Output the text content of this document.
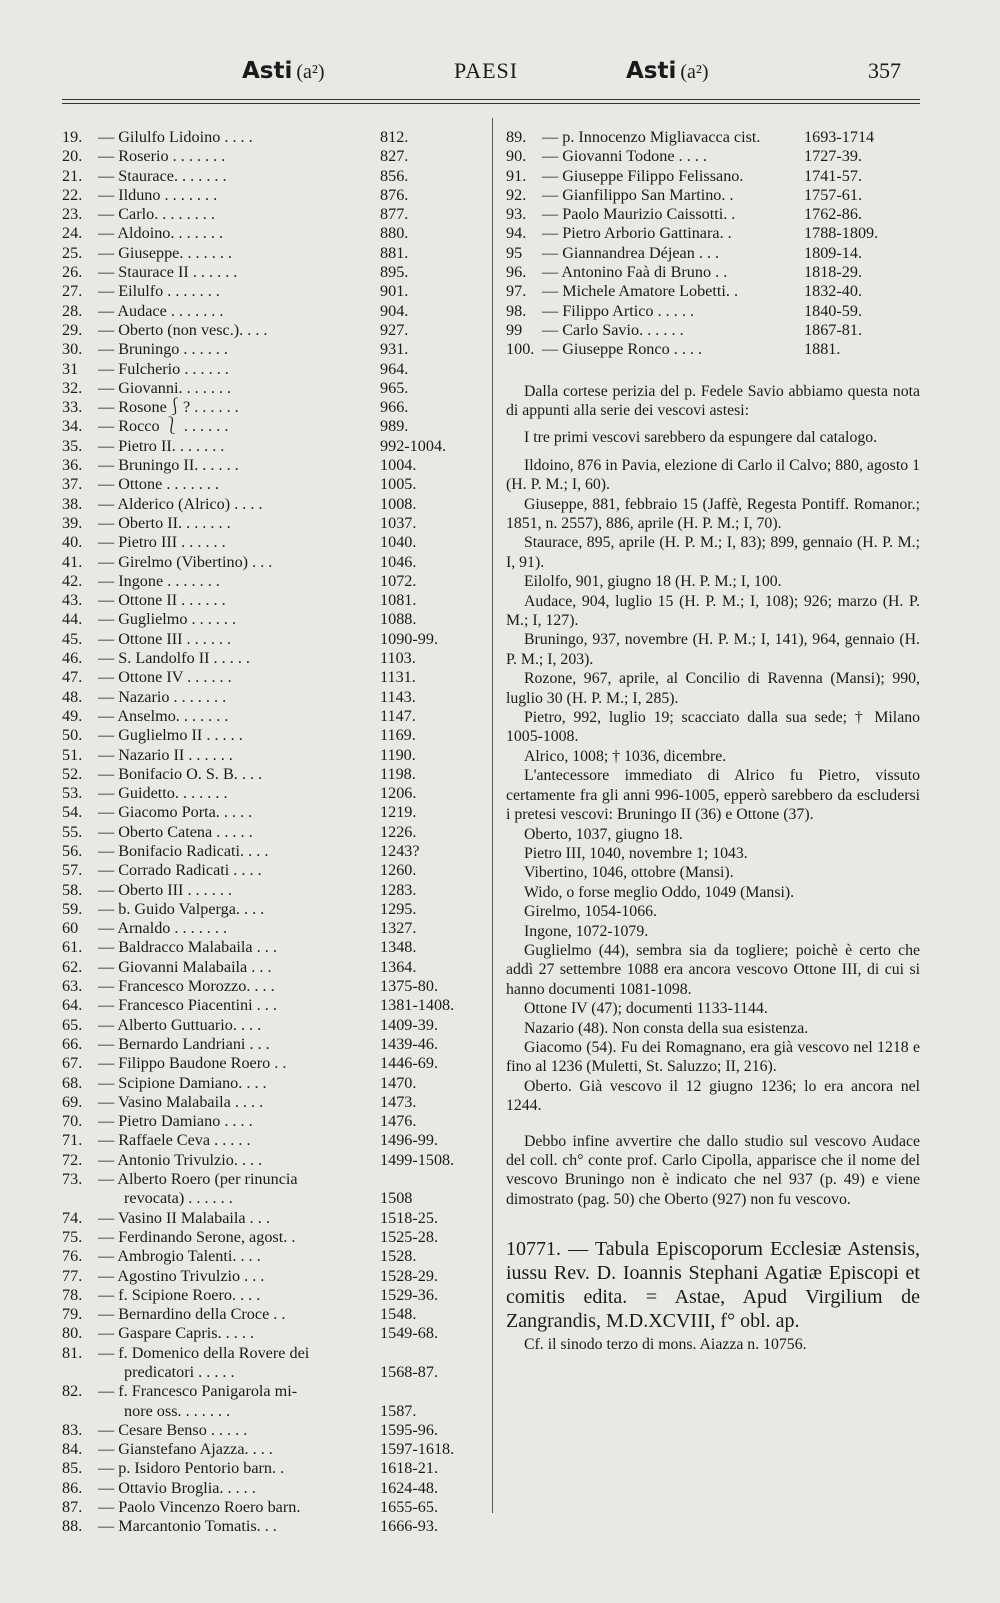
Asti (a²)	PAESI	Asti (a²)	357
19. — Gilulfo Lidoino . . . .	812.
20. — Roserio . . . . . . .	827.
21. — Staurace. . . . . . .	856.
22. — Ilduno . . . . . . .	876.
23. — Carlo. . . . . . . .	877.
24. — Aldoino. . . . . . .	880.
25. — Giuseppe. . . . . . .	881.
26. — Staurace II . . . . . .	895.
27. — Eilulfo . . . . . . .	901.
28. — Audace . . . . . . .	904.
29. — Oberto (non vesc.). . . .	927.
30. — Bruningo . . . . . .	931.
31 — Fulcherio . . . . . .	964.
32. — Giovanni. . . . . . .	965.
33. — Rosone⎰? . . . . . .	966.
34. — Rocco ⎱ . . . . . .	989.
35. — Pietro II. . . . . . .	992-1004.
36. — Bruningo II. . . . . .	1004.
37. — Ottone . . . . . . .	1005.
38. — Alderico (Alrico) . . . .	1008.
39. — Oberto II. . . . . . .	1037.
40. — Pietro III . . . . . .	1040.
41. — Girelmo (Vibertino) . . .	1046.
42. — Ingone . . . . . . .	1072.
43. — Ottone II . . . . . .	1081.
44. — Guglielmo . . . . . .	1088.
45. — Ottone III . . . . . .	1090-99.
46. — S. Landolfo II . . . . .	1103.
47. — Ottone IV . . . . . .	1131.
48. — Nazario . . . . . . .	1143.
49. — Anselmo. . . . . . .	1147.
50. — Guglielmo II . . . . .	1169.
51. — Nazario II . . . . . .	1190.
52. — Bonifacio O. S. B. . . .	1198.
53. — Guidetto. . . . . . .	1206.
54. — Giacomo Porta. . . . .	1219.
55. — Oberto Catena . . . . .	1226.
56. — Bonifacio Radicati. . . .	1243?
57. — Corrado Radicati . . . .	1260.
58. — Oberto III . . . . . .	1283.
59. — b. Guido Valperga. . . .	1295.
60 — Arnaldo . . . . . . .	1327.
61. — Baldracco Malabaila . . .	1348.
62. — Giovanni Malabaila . . .	1364.
63. — Francesco Morozzo. . . .	1375-80.
64. — Francesco Piacentini . . .	1381-1408.
65. — Alberto Guttuario. . . .	1409-39.
66. — Bernardo Landriani . . .	1439-46.
67. — Filippo Baudone Roero . .	1446-69.
68. — Scipione Damiano. . . .	1470.
69. — Vasino Malabaila . . . .	1473.
70. — Pietro Damiano . . . .	1476.
71. — Raffaele Ceva . . . . .	1496-99.
72. — Antonio Trivulzio. . . .	1499-1508.
73. — Alberto Roero (per rinuncia
revocata) . . . . . .	1508
74. — Vasino II Malabaila . . .	1518-25.
75. — Ferdinando Serone, agost. .	1525-28.
76. — Ambrogio Talenti. . . .	1528.
77. — Agostino Trivulzio . . .	1528-29.
78. — f. Scipione Roero. . . .	1529-36.
79. — Bernardino della Croce . .	1548.
80. — Gaspare Capris. . . . .	1549-68.
81. — f. Domenico della Rovere dei
predicatori . . . . .	1568-87.
82. — f. Francesco Panigarola mi-
nore oss. . . . . . .	1587.
83. — Cesare Benso . . . . .	1595-96.
84. — Gianstefano Ajazza. . . .	1597-1618.
85. — p. Isidoro Pentorio barn. .	1618-21.
86. — Ottavio Broglia. . . . .	1624-48.
87. — Paolo Vincenzo Roero barn.	1655-65.
88. — Marcantonio Tomatis. . .	1666-93.
89. — p. Innocenzo Migliavacca cist.	1693-1714
90. — Giovanni Todone . . . .	1727-39.
91. — Giuseppe Filippo Felissano.	1741-57.
92. — Gianfilippo San Martino. .	1757-61.
93. — Paolo Maurizio Caissotti. .	1762-86.
94. — Pietro Arborio Gattinara. .	1788-1809.
95 — Giannandrea Déjean . . .	1809-14.
96. — Antonino Faà di Bruno . .	1818-29.
97. — Michele Amatore Lobetti. .	1832-40.
98. — Filippo Artico . . . . .	1840-59.
99 — Carlo Savio. . . . . .	1867-81.
100. — Giuseppe Ronco . . . .	1881.

Dalla cortese perizia del p. Fedele Savio abbiamo questa nota di appunti alla serie dei vescovi astesi:

I tre primi vescovi sarebbero da espungere dal catalogo.

Ildoino, 876 in Pavia, elezione di Carlo il Calvo; 880, agosto 1 (H. P. M.; I, 60).

Giuseppe, 881, febbraio 15 (Jaffè, Regesta Pontiff. Romanor.; 1851, n. 2557), 886, aprile (H. P. M.; I, 70).

Staurace, 895, aprile (H. P. M.; I, 83); 899, gennaio (H. P. M.; I, 91).

Eilolfo, 901, giugno 18 (H. P. M.; I, 100.

Audace, 904, luglio 15 (H. P. M.; I, 108); 926; marzo (H. P. M.; I, 127).

Bruningo, 937, novembre (H. P. M.; I, 141), 964, gennaio (H. P. M.; I, 203).

Rozone, 967, aprile, al Concilio di Ravenna (Mansi); 990, luglio 30 (H. P. M.; I, 285).

Pietro, 992, luglio 19; scacciato dalla sua sede; † Milano 1005-1008.

Alrico, 1008; † 1036, dicembre.

L'antecessore immediato di Alrico fu Pietro, vissuto certamente fra gli anni 996-1005, epperò sarebbero da escludersi i pretesi vescovi: Bruningo II (36) e Ottone (37).

Oberto, 1037, giugno 18.

Pietro III, 1040, novembre 1; 1043.

Vibertino, 1046, ottobre (Mansi).

Wido, o forse meglio Oddo, 1049 (Mansi).

Girelmo, 1054-1066.

Ingone, 1072-1079.

Guglielmo (44), sembra sia da togliere; poichè è certo che addì 27 settembre 1088 era ancora vescovo Ottone III, di cui si hanno documenti 1081-1098.

Ottone IV (47); documenti 1133-1144.

Nazario (48). Non consta della sua esistenza.

Giacomo (54). Fu dei Romagnano, era già vescovo nel 1218 e fino al 1236 (Muletti, St. Saluzzo; II, 216).

Oberto. Già vescovo il 12 giugno 1236; lo era ancora nel 1244.

Debbo infine avvertire che dallo studio sul vescovo Audace del coll. ch° conte prof. Carlo Cipolla, apparisce che il nome del vescovo Bruningo non è indicato che nel 937 (p. 49) e viene dimostrato (pag. 50) che Oberto (927) non fu vescovo.

10771. — Tabula Episcoporum Ecclesiæ Astensis, iussu Rev. D. Ioannis Stephani Agatiæ Episcopi et comitis edita. = Astae, Apud Virgilium de Zangrandis, M.D.XCVIII, f° obl. ap.

Cf. il sinodo terzo di mons. Aiazza n. 10756.
